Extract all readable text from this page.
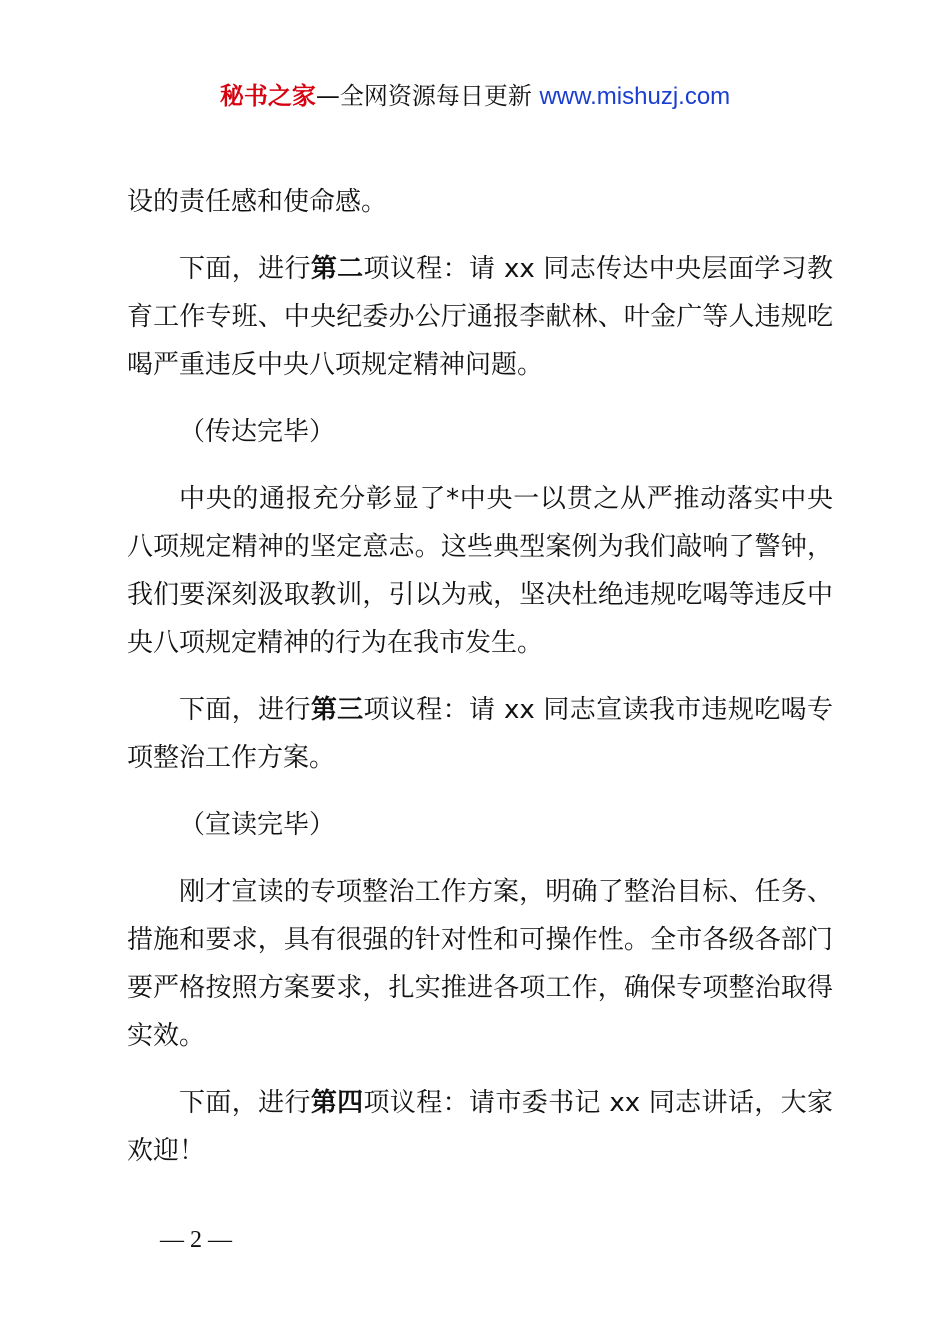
秘书之家—全网资源每日更新 www.mishuzj.com

设的责任感和使命感。

下面，进行第二项议程：请 xx 同志传达中央层面学习教育工作专班、中央纪委办公厅通报李献林、叶金广等人违规吃喝严重违反中央八项规定精神问题。

（传达完毕）

中央的通报充分彰显了*中央一以贯之从严推动落实中央八项规定精神的坚定意志。这些典型案例为我们敲响了警钟，我们要深刻汲取教训，引以为戒，坚决杜绝违规吃喝等违反中央八项规定精神的行为在我市发生。

下面，进行第三项议程：请 xx 同志宣读我市违规吃喝专项整治工作方案。

（宣读完毕）

刚才宣读的专项整治工作方案，明确了整治目标、任务、措施和要求，具有很强的针对性和可操作性。全市各级各部门要严格按照方案要求，扎实推进各项工作，确保专项整治取得实效。

下面，进行第四项议程：请市委书记 xx 同志讲话，大家欢迎！

— 2 —
